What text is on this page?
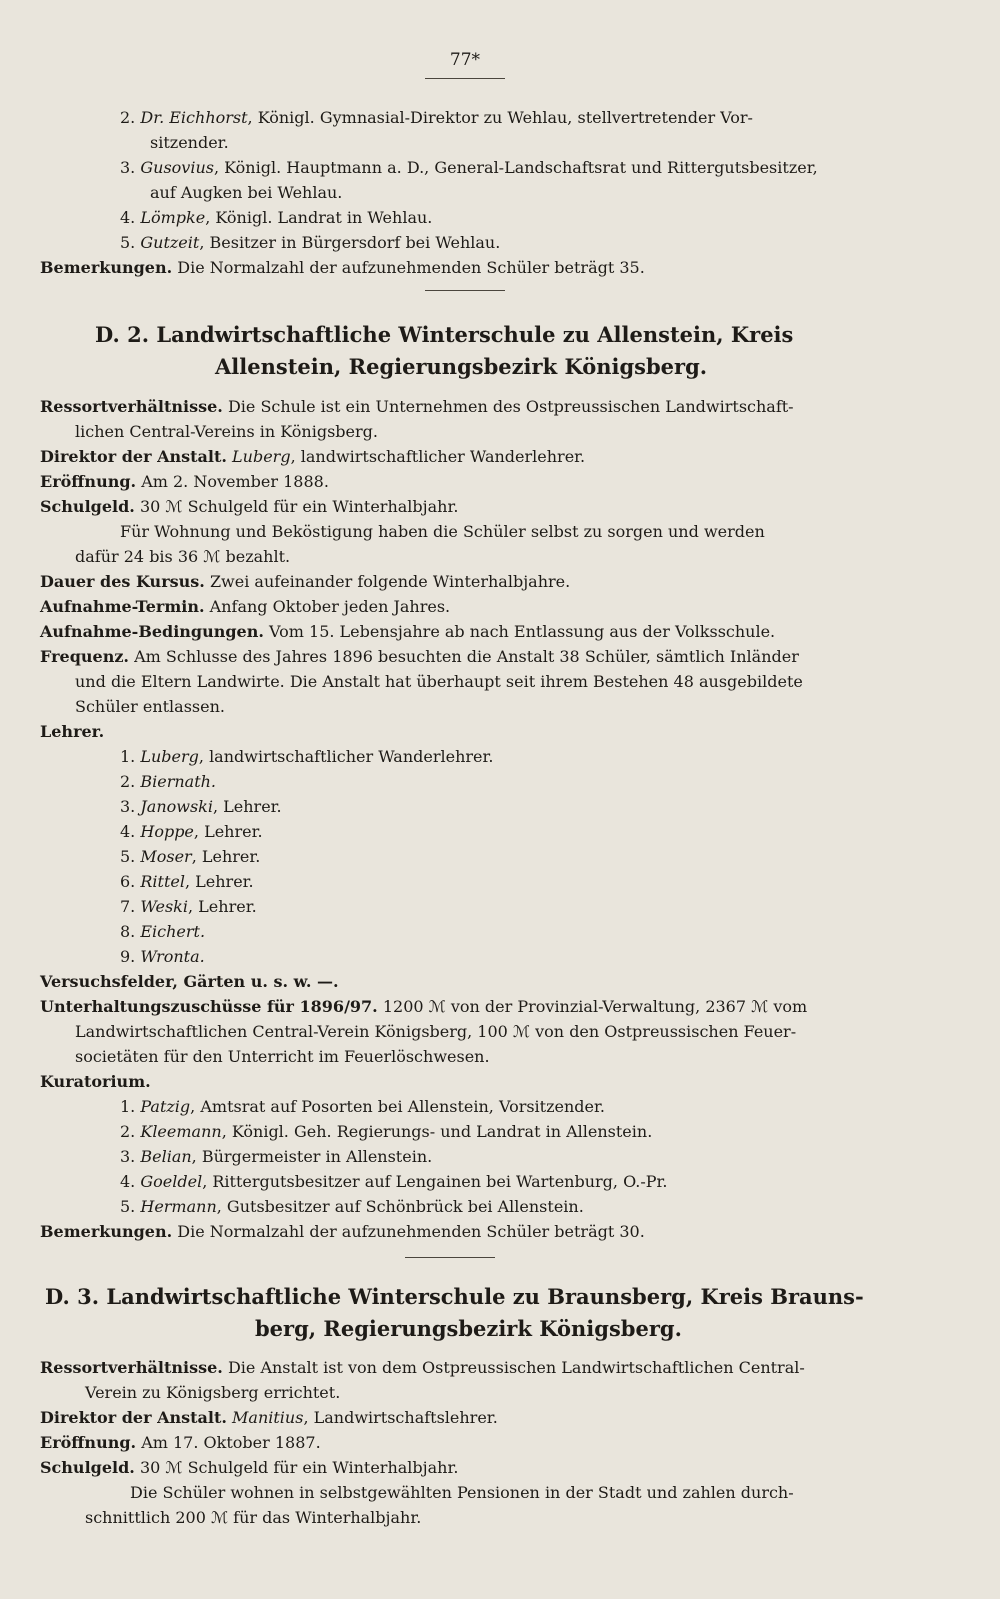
77*
2. Dr. Eichhorst, Königl. Gymnasial-Direktor zu Wehlau, stellvertretender Vor-
sitzender.
3. Gusovius, Königl. Hauptmann a. D., General-Landschaftsrat und Rittergutsbesitzer,
auf Augken bei Wehlau.
4. Lömpke, Königl. Landrat in Wehlau.
5. Gutzeit, Besitzer in Bürgersdorf bei Wehlau.
Bemerkungen. Die Normalzahl der aufzunehmenden Schüler beträgt 35.
D. 2. Landwirtschaftliche Winterschule zu Allenstein, Kreis
Allenstein, Regierungsbezirk Königsberg.
Ressortverhältnisse. Die Schule ist ein Unternehmen des Ostpreussischen Landwirtschaft-
lichen Central-Vereins in Königsberg.
Direktor der Anstalt. Luberg, landwirtschaftlicher Wanderlehrer.
Eröffnung. Am 2. November 1888.
Schulgeld. 30 ℳ Schulgeld für ein Winterhalbjahr.
Für Wohnung und Beköstigung haben die Schüler selbst zu sorgen und werden
dafür 24 bis 36 ℳ bezahlt.
Dauer des Kursus. Zwei aufeinander folgende Winterhalbjahre.
Aufnahme-Termin. Anfang Oktober jeden Jahres.
Aufnahme-Bedingungen. Vom 15. Lebensjahre ab nach Entlassung aus der Volksschule.
Frequenz. Am Schlusse des Jahres 1896 besuchten die Anstalt 38 Schüler, sämtlich Inländer
und die Eltern Landwirte. Die Anstalt hat überhaupt seit ihrem Bestehen 48 ausgebildete
Schüler entlassen.
Lehrer.
1. Luberg, landwirtschaftlicher Wanderlehrer.
2. Biernath.
3. Janowski, Lehrer.
4. Hoppe, Lehrer.
5. Moser, Lehrer.
6. Rittel, Lehrer.
7. Weski, Lehrer.
8. Eichert.
9. Wronta.
Versuchsfelder, Gärten u. s. w. —.
Unterhaltungszuschüsse für 1896/97. 1200 ℳ von der Provinzial-Verwaltung, 2367 ℳ vom
Landwirtschaftlichen Central-Verein Königsberg, 100 ℳ von den Ostpreussischen Feuer-
societäten für den Unterricht im Feuerlöschwesen.
Kuratorium.
1. Patzig, Amtsrat auf Posorten bei Allenstein, Vorsitzender.
2. Kleemann, Königl. Geh. Regierungs- und Landrat in Allenstein.
3. Belian, Bürgermeister in Allenstein.
4. Goeldel, Rittergutsbesitzer auf Lengainen bei Wartenburg, O.-Pr.
5. Hermann, Gutsbesitzer auf Schönbrück bei Allenstein.
Bemerkungen. Die Normalzahl der aufzunehmenden Schüler beträgt 30.
D. 3. Landwirtschaftliche Winterschule zu Braunsberg, Kreis Brauns-
berg, Regierungsbezirk Königsberg.
Ressortverhältnisse. Die Anstalt ist von dem Ostpreussischen Landwirtschaftlichen Central-
Verein zu Königsberg errichtet.
Direktor der Anstalt. Manitius, Landwirtschaftslehrer.
Eröffnung. Am 17. Oktober 1887.
Schulgeld. 30 ℳ Schulgeld für ein Winterhalbjahr.
Die Schüler wohnen in selbstgewählten Pensionen in der Stadt und zahlen durch-
schnittlich 200 ℳ für das Winterhalbjahr.
